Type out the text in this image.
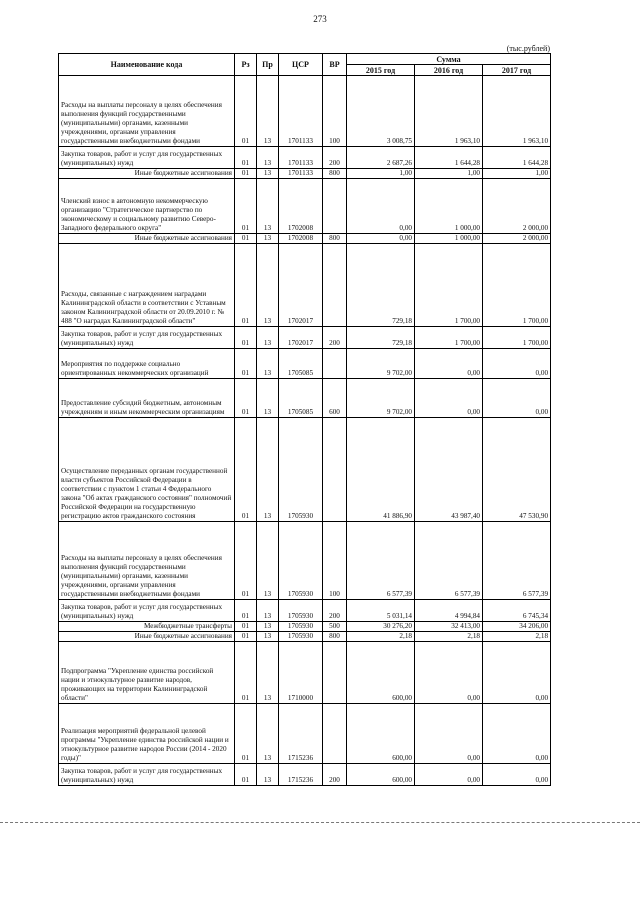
273
(тыс.рублей)
Наименование кода	Рз	Пр	ЦСР	ВР	Сумма		
					2015 год	2016 год	2017 год

Расходы на выплаты персоналу в целях обеспечения выполнения функций государственными (муниципальными) органами, казенными учреждениями, органами управления государственными внебюджетными фондами	01	13	1701133	100	3 008,75	1 963,10	1 963,10

Закупка товаров, работ и услуг для государственных (муниципальных) нужд	01	13	1701133	200	2 687,26	1 644,28	1 644,28

Иные бюджетные ассигнования	01	13	1701133	800	1,00	1,00	1,00

Членский взнос в автономную некоммерческую организацию "Стратегическое партнерство по экономическому и социальному развитию Северо-Западного федерального округа"	01	13	1702008		0,00	1 000,00	2 000,00

Иные бюджетные ассигнования	01	13	1702008	800	0,00	1 000,00	2 000,00

Расходы, связанные с награждением наградами Калининградской области в соответствии с Уставным законом Калининградской области от 20.09.2010 г. № 488 "О наградах Калининградской области"	01	13	1702017		729,18	1 700,00	1 700,00

Закупка товаров, работ и услуг для государственных (муниципальных) нужд	01	13	1702017	200	729,18	1 700,00	1 700,00

Мероприятия по поддержке социально ориентированных некоммерческих организаций	01	13	1705085		9 702,00	0,00	0,00

Предоставление субсидий бюджетным, автономным учреждениям и иным некоммерческим организациям	01	13	1705085	600	9 702,00	0,00	0,00

Осуществление переданных органам государственной власти субъектов Российской Федерации в соответствии с пунктом 1 статьи 4 Федерального закона "Об актах гражданского состояния" полномочий Российской Федерации на государственную регистрацию актов гражданского состояния	01	13	1705930		41 886,90	43 987,40	47 530,90

Расходы на выплаты персоналу в целях обеспечения выполнения функций государственными (муниципальными) органами, казенными учреждениями, органами управления государственными внебюджетными фондами	01	13	1705930	100	6 577,39	6 577,39	6 577,39

Закупка товаров, работ и услуг для государственных (муниципальных) нужд	01	13	1705930	200	5 031,14	4 994,84	6 745,34

Межбюджетные трансферты	01	13	1705930	500	30 276,20	32 413,00	34 206,00

Иные бюджетные ассигнования	01	13	1705930	800	2,18	2,18	2,18

Подпрограмма "Укрепление единства российской нации и этнокультурное развитие народов, проживающих на территории Калининградской области"	01	13	1710000		600,00	0,00	0,00

Реализация мероприятий федеральной целевой программы "Укрепление единства российской нации и этнокультурное развитие народов России (2014 - 2020 годы)"	01	13	1715236		600,00	0,00	0,00

Закупка товаров, работ и услуг для государственных (муниципальных) нужд	01	13	1715236	200	600,00	0,00	0,00
